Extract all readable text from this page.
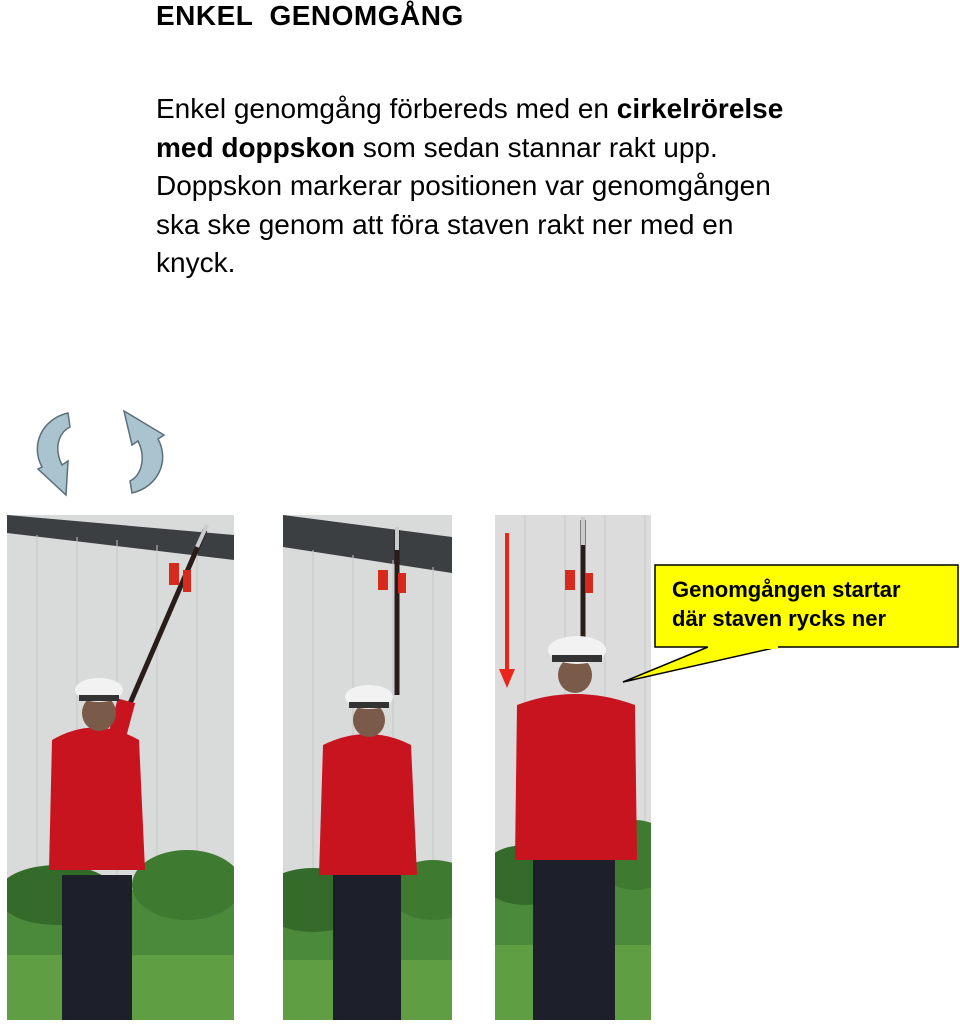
ENKEL  GENOMGÅNG
Enkel genomgång förbereds med en cirkelrörelse med doppskon som sedan stannar rakt upp. Doppskon markerar positionen var genomgången ska ske genom att föra staven rakt ner med en knyck.
Genomgången startar
där staven rycks ner
